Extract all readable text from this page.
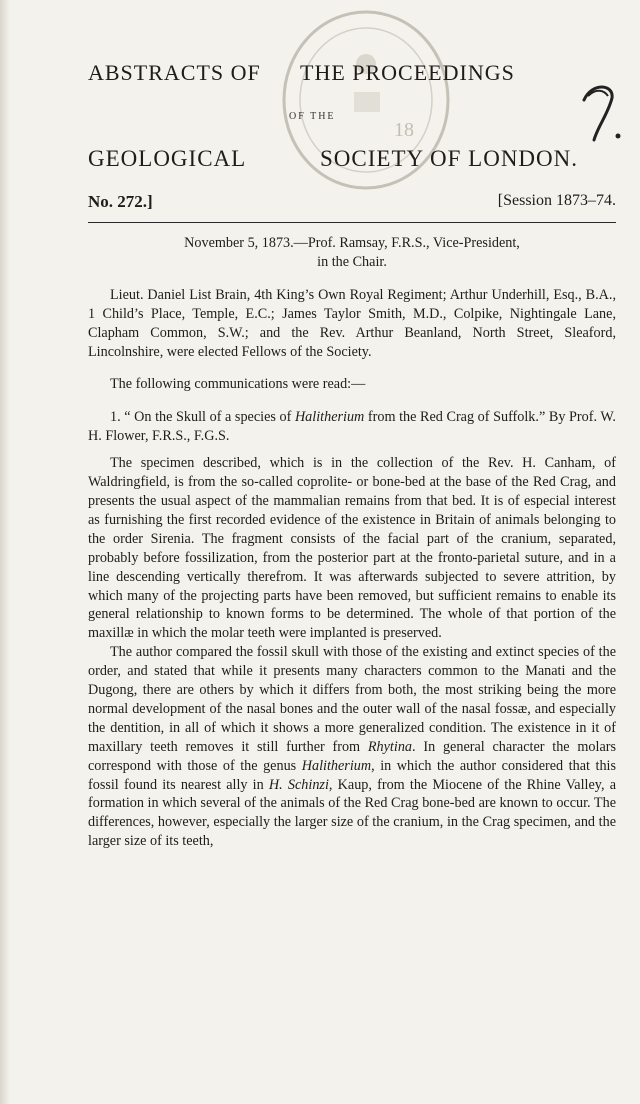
18
ABSTRACTS OF THE PROCEEDINGS
OF THE
GEOLOGICAL	SOCIETY OF LONDON.
No. 272.]	[Session 1873–74.

November 5, 1873.—Prof. Ramsay, F.R.S., Vice-President,
in the Chair.

Lieut. Daniel List Brain, 4th King’s Own Royal Regiment; Arthur Underhill, Esq., B.A., 1 Child’s Place, Temple, E.C.; James Taylor Smith, M.D., Colpike, Nightingale Lane, Clapham Common, S.W.; and the Rev. Arthur Beanland, North Street, Sleaford, Lincolnshire, were elected Fellows of the Society.

The following communications were read:—

1. “ On the Skull of a species of Halitherium from the Red Crag of Suffolk.” By Prof. W. H. Flower, F.R.S., F.G.S.

The specimen described, which is in the collection of the Rev. H. Canham, of Waldringfield, is from the so-called coprolite- or bone-bed at the base of the Red Crag, and presents the usual aspect of the mammalian remains from that bed. It is of especial interest as furnishing the first recorded evidence of the existence in Britain of animals belonging to the order Sirenia. The fragment consists of the facial part of the cranium, separated, probably before fossilization, from the posterior part at the fronto-parietal suture, and in a line descending vertically therefrom. It was afterwards subjected to severe attrition, by which many of the projecting parts have been removed, but sufficient remains to enable its general relationship to known forms to be determined. The whole of that portion of the maxillæ in which the molar teeth were implanted is preserved.

The author compared the fossil skull with those of the existing and extinct species of the order, and stated that while it presents many characters common to the Manati and the Dugong, there are others by which it differs from both, the most striking being the more normal development of the nasal bones and the outer wall of the nasal fossæ, and especially the dentition, in all of which it shows a more generalized condition. The existence in it of maxillary teeth removes it still further from Rhytina. In general character the molars correspond with those of the genus Halitherium, in which the author considered that this fossil found its nearest ally in H. Schinzi, Kaup, from the Miocene of the Rhine Valley, a formation in which several of the animals of the Red Crag bone-bed are known to occur. The differences, however, especially the larger size of the cranium, in the Crag specimen, and the larger size of its teeth,
